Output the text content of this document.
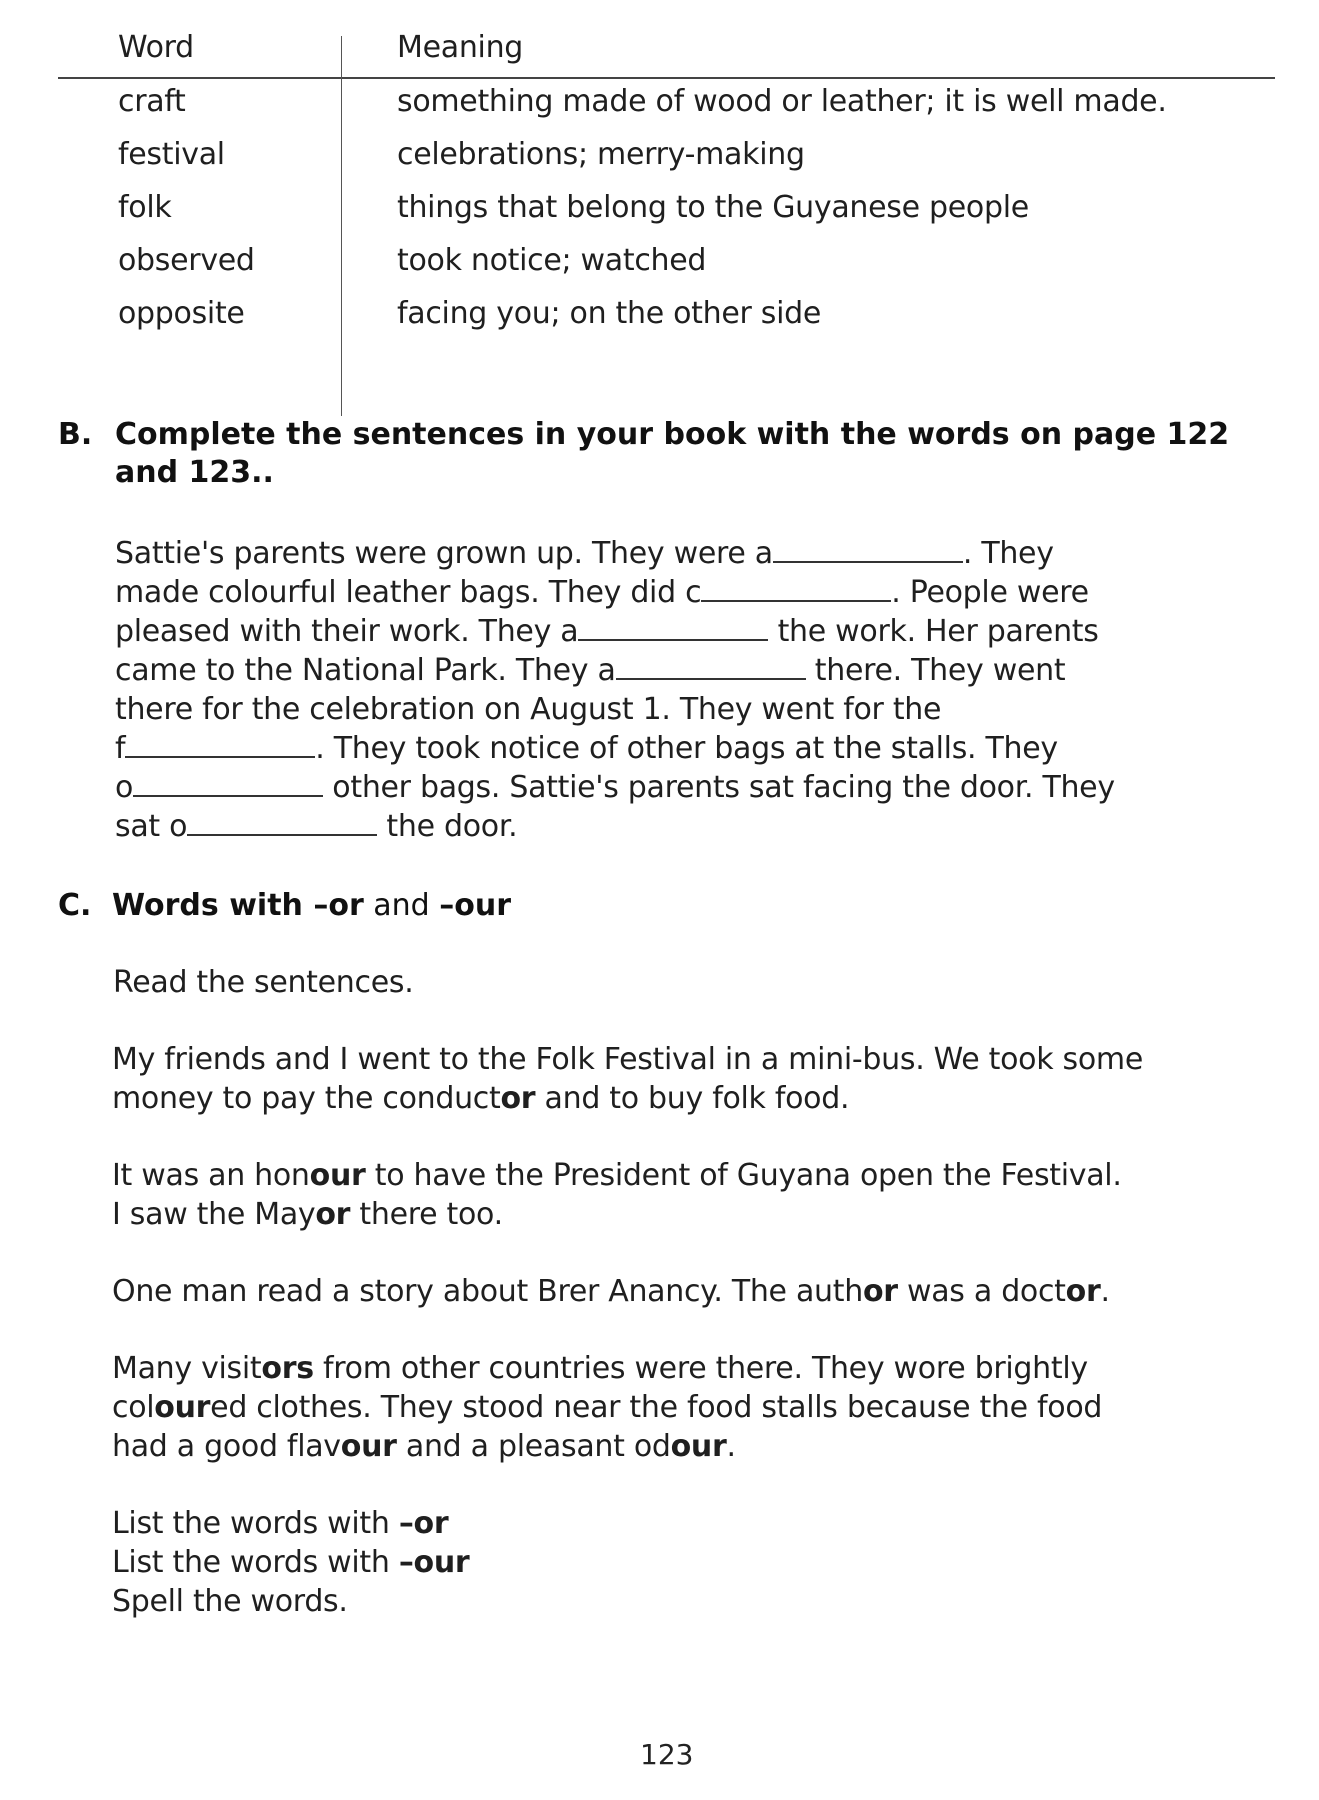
Word	Meaning
craft	something made of wood or leather; it is well made.
festival	celebrations; merry-making
folk	things that belong to the Guyanese people
observed	took notice; watched
opposite	facing you; on the other side
B. Complete the sentences in your book with the words on page 122
and 123..
Sattie's parents were grown up. They were a	. They
made colourful leather bags. They did c	. People were
pleased with their work. They a	the work. Her parents
came to the National Park. They a	there. They went
there for the celebration on August 1. They went for the
f	. They took notice of other bags at the stalls. They
o	other bags. Sattie's parents sat facing the door. They
sat o	the door.
C. Words with –or and –our
Read the sentences.
My friends and I went to the Folk Festival in a mini-bus. We took some
money to pay the conductor and to buy folk food.
It was an honour to have the President of Guyana open the Festival.
I saw the Mayor there too.
One man read a story about Brer Anancy. The author was a doctor.
Many visitors from other countries were there. They wore brightly
coloured clothes. They stood near the food stalls because the food
had a good flavour and a pleasant odour.
List the words with –or
List the words with –our
Spell the words.
123
